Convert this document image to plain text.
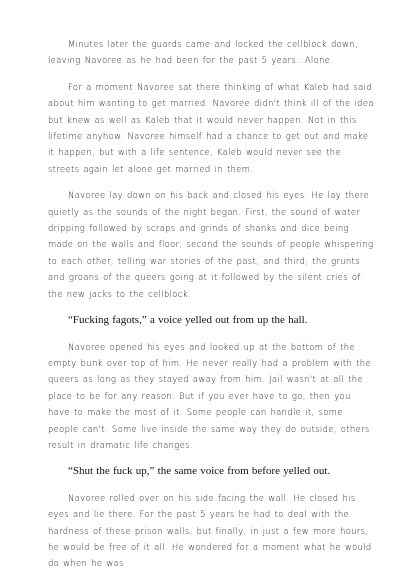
Minutes later the guards came and locked the cellblock down, leaving Navoree as he had been for the past 5 years…Alone.

For a moment Navoree sat there thinking of what Kaleb had said about him wanting to get married. Navoree didn't think ill of the idea but knew as well as Kaleb that it would never happen. Not in this lifetime anyhow. Navoree himself had a chance to get out and make it happen, but with a life sentence, Kaleb would never see the streets again let alone get married in them.

Navoree lay down on his back and closed his eyes. He lay there quietly as the sounds of the night began. First, the sound of water dripping followed by scraps and grinds of shanks and dice being made on the walls and floor, second the sounds of people whispering to each other, telling war stories of the past, and third, the grunts and groans of the queers going at it followed by the silent cries of the new jacks to the cellblock.

“Fucking fagots,” a voice yelled out from up the hall.

Navoree opened his eyes and looked up at the bottom of the empty bunk over top of him. He never really had a problem with the queers as long as they stayed away from him. Jail wasn't at all the place to be for any reason. But if you ever have to go, then you have to make the most of it. Some people can handle it, some people can't. Some live inside the same way they do outside, others result in dramatic life changes.

“Shut the fuck up,” the same voice from before yelled out.

Navoree rolled over on his side facing the wall. He closed his eyes and lie there. For the past 5 years he had to deal with the hardness of these prison walls, but finally, in just a few more hours, he would be free of it all. He wondered for a moment what he would do when he was
